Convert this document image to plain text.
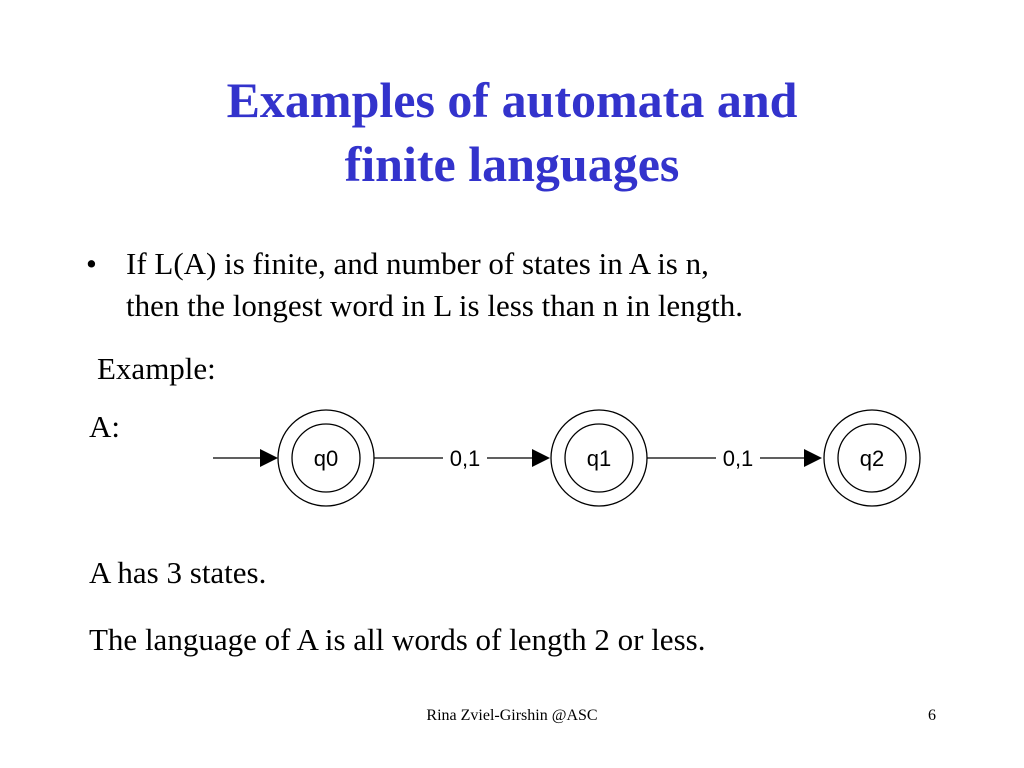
Examples of automata and
finite languages
• If L(A) is finite, and number of states in A is n,
then the longest word in L is less than n in length.
Example:
A:
q0	0,1	q1	0,1	q2
A has 3 states.
The language of A is all words of length 2 or less.
Rina Zviel-Girshin @ASC	6
